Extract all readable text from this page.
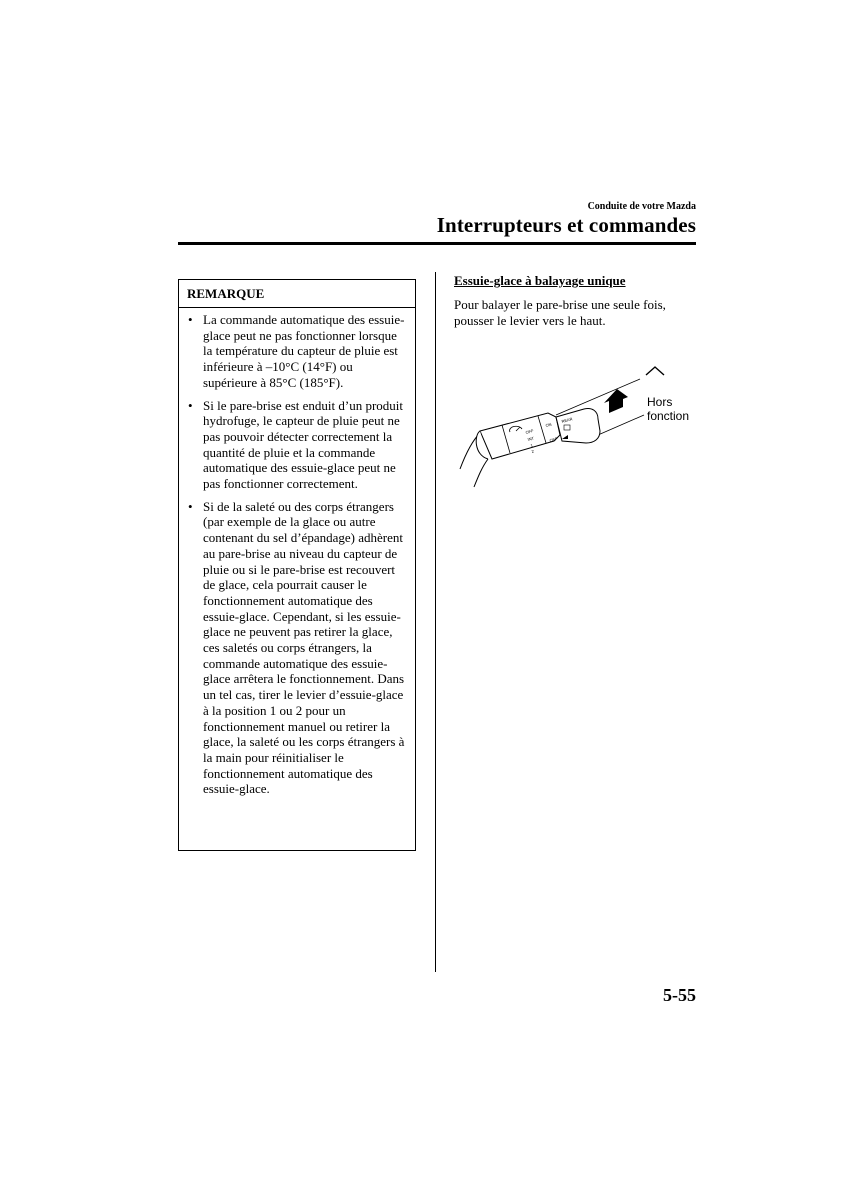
Conduite de votre Mazda
Interrupteurs et commandes
REMARQUE
• La commande automatique des essuie-glace peut ne pas fonctionner lorsque la température du capteur de pluie est inférieure à –10°C (14°F) ou supérieure à 85°C (185°F).
• Si le pare-brise est enduit d’un produit hydrofuge, le capteur de pluie peut ne pas pouvoir détecter correctement la quantité de pluie et la commande automatique des essuie-glace peut ne pas fonctionner correctement.
• Si de la saleté ou des corps étrangers (par exemple de la glace ou autre contenant du sel d’épandage) adhèrent au pare-brise au niveau du capteur de pluie ou si le pare-brise est recouvert de glace, cela pourrait causer le fonctionnement automatique des essuie-glace. Cependant, si les essuie-glace ne peuvent pas retirer la glace, ces saletés ou corps étrangers, la commande automatique des essuie-glace arrêtera le fonctionnement. Dans un tel cas, tirer le levier d’essuie-glace à la position 1 ou 2 pour un fonctionnement manuel ou retirer la glace, la saleté ou les corps étrangers à la main pour réinitialiser le fonctionnement automatique des essuie-glace.
Essuie-glace à balayage unique
Pour balayer le pare-brise une seule fois, pousser le levier vers le haut.
OFF
INT
1
2
ON
OFF
REAR
Hors
fonction
5-55
